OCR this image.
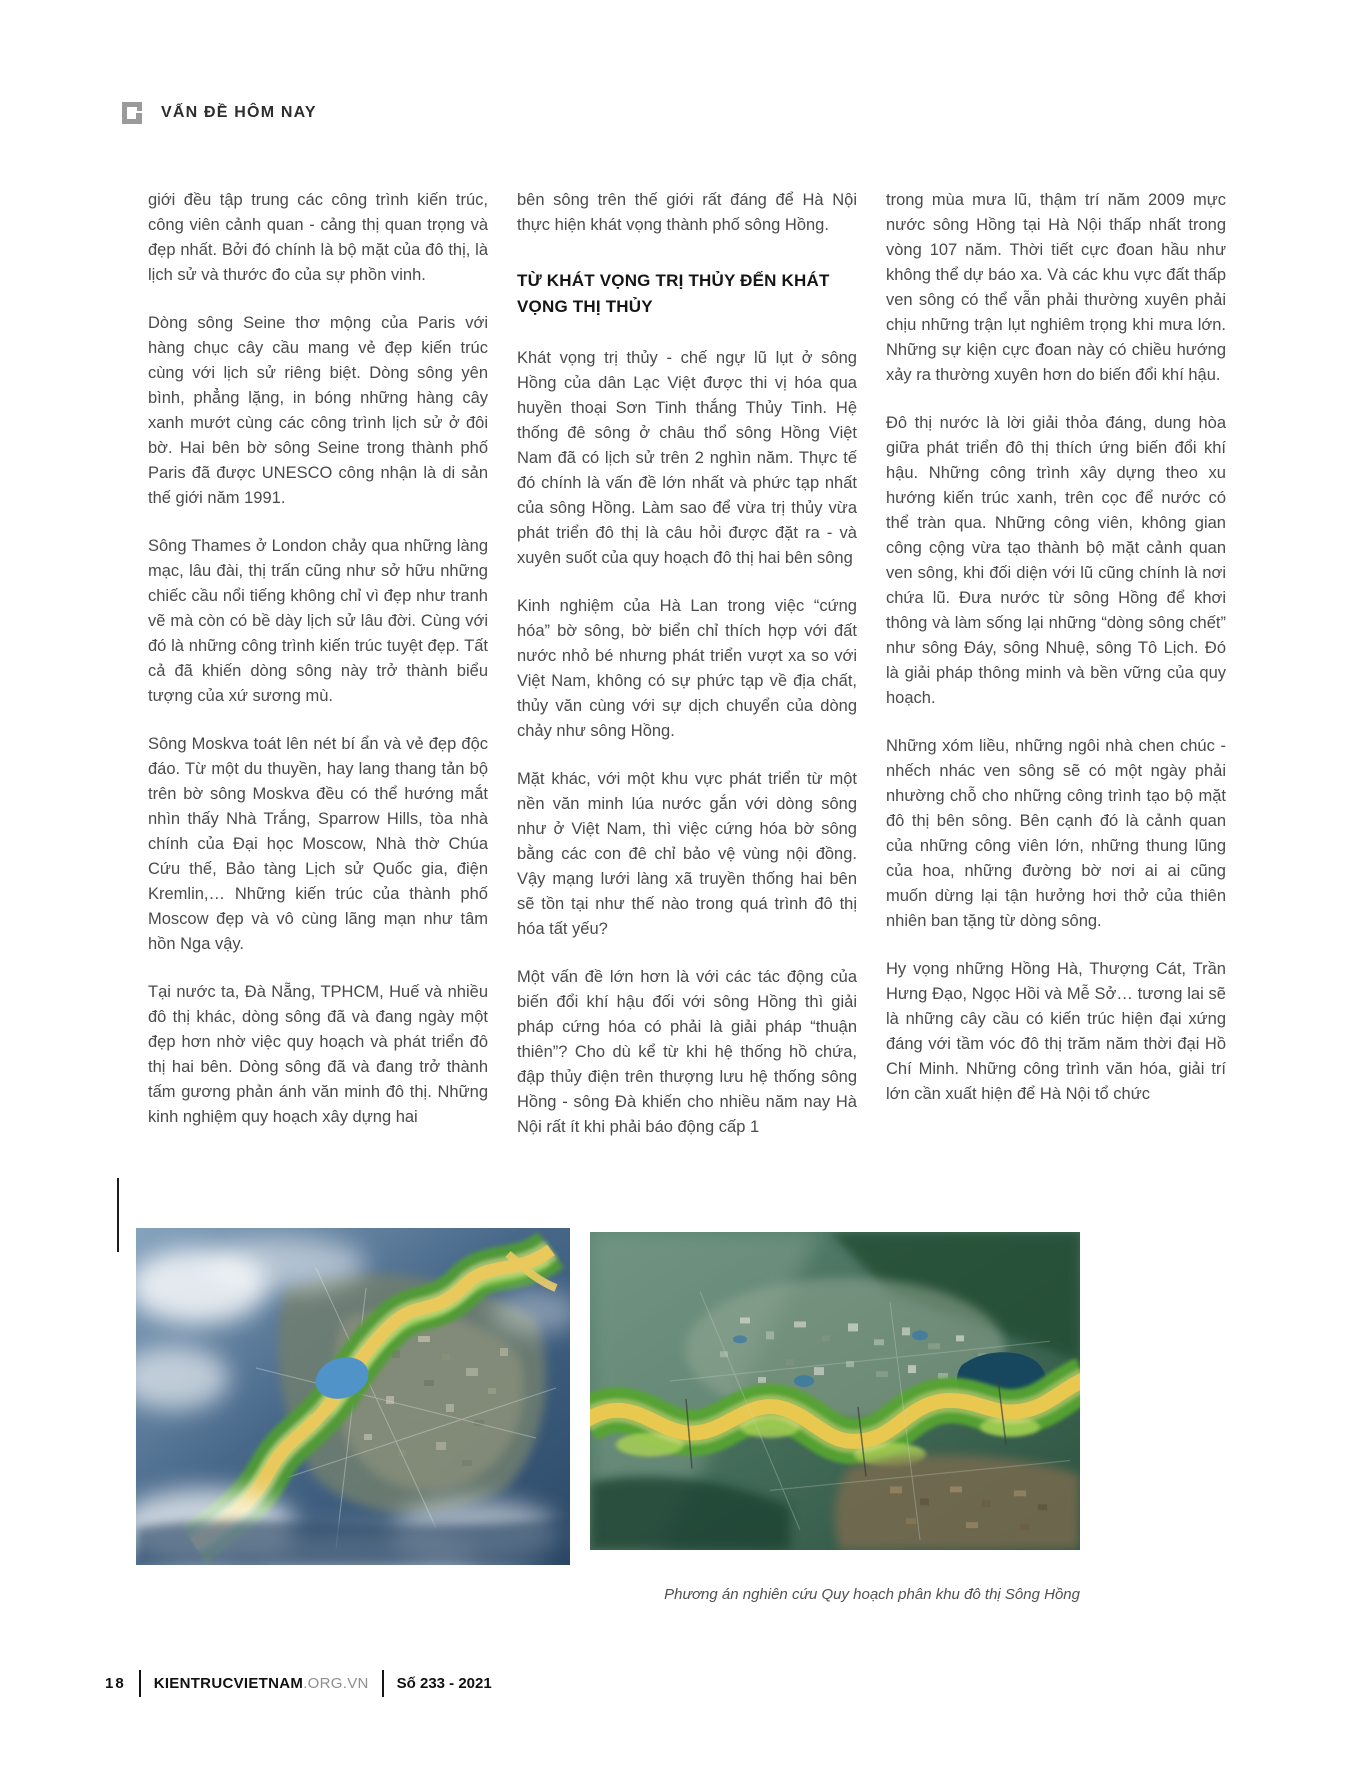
VẤN ĐỀ HÔM NAY

giới đều tập trung các công trình kiến trúc, công viên cảnh quan - cảng thị quan trọng và đẹp nhất. Bởi đó chính là bộ mặt của đô thị, là lịch sử và thước đo của sự phồn vinh.

Dòng sông Seine thơ mộng của Paris với hàng chục cây cầu mang vẻ đẹp kiến trúc cùng với lịch sử riêng biệt. Dòng sông yên bình, phẳng lặng, in bóng những hàng cây xanh mướt cùng các công trình lịch sử ở đôi bờ. Hai bên bờ sông Seine trong thành phố Paris đã được UNESCO công nhận là di sản thế giới năm 1991.

Sông Thames ở London chảy qua những làng mạc, lâu đài, thị trấn cũng như sở hữu những chiếc cầu nổi tiếng không chỉ vì đẹp như tranh vẽ mà còn có bề dày lịch sử lâu đời. Cùng với đó là những công trình kiến trúc tuyệt đẹp. Tất cả đã khiến dòng sông này trở thành biểu tượng của xứ sương mù.

Sông Moskva toát lên nét bí ẩn và vẻ đẹp độc đáo. Từ một du thuyền, hay lang thang tản bộ trên bờ sông Moskva đều có thể hướng mắt nhìn thấy Nhà Trắng, Sparrow Hills, tòa nhà chính của Đại học Moscow, Nhà thờ Chúa Cứu thế, Bảo tàng Lịch sử Quốc gia, điện Kremlin,… Những kiến trúc của thành phố Moscow đẹp và vô cùng lãng mạn như tâm hồn Nga vậy.

Tại nước ta, Đà Nẵng, TPHCM, Huế và nhiều đô thị khác, dòng sông đã và đang ngày một đẹp hơn nhờ việc quy hoạch và phát triển đô thị hai bên. Dòng sông đã và đang trở thành tấm gương phản ánh văn minh đô thị. Những kinh nghiệm quy hoạch xây dựng hai

bên sông trên thế giới rất đáng để Hà Nội thực hiện khát vọng thành phố sông Hồng.

TỪ KHÁT VỌNG TRỊ THỦY ĐẾN KHÁT VỌNG THỊ THỦY

Khát vọng trị thủy - chế ngự lũ lụt ở sông Hồng của dân Lạc Việt được thi vị hóa qua huyền thoại Sơn Tinh thắng Thủy Tinh. Hệ thống đê sông ở châu thổ sông Hồng Việt Nam đã có lịch sử trên 2 nghìn năm. Thực tế đó chính là vấn đề lớn nhất và phức tạp nhất của sông Hồng. Làm sao để vừa trị thủy vừa phát triển đô thị là câu hỏi được đặt ra - và xuyên suốt của quy hoạch đô thị hai bên sông

Kinh nghiệm của Hà Lan trong việc “cứng hóa” bờ sông, bờ biển chỉ thích hợp với đất nước nhỏ bé nhưng phát triển vượt xa so với Việt Nam, không có sự phức tạp về địa chất, thủy văn cùng với sự dịch chuyển của dòng chảy như sông Hồng.

Mặt khác, với một khu vực phát triển từ một nền văn minh lúa nước gắn với dòng sông như ở Việt Nam, thì việc cứng hóa bờ sông bằng các con đê chỉ bảo vệ vùng nội đồng. Vậy mạng lưới làng xã truyền thống hai bên sẽ tồn tại như thế nào trong quá trình đô thị hóa tất yếu?

Một vấn đề lớn hơn là với các tác động của biến đổi khí hậu đối với sông Hồng thì giải pháp cứng hóa có phải là giải pháp “thuận thiên”? Cho dù kể từ khi hệ thống hồ chứa, đập thủy điện trên thượng lưu hệ thống sông Hồng - sông Đà khiến cho nhiều năm nay Hà Nội rất ít khi phải báo động cấp 1

trong mùa mưa lũ, thậm trí năm 2009 mực nước sông Hồng tại Hà Nội thấp nhất trong vòng 107 năm. Thời tiết cực đoan hầu như không thể dự báo xa. Và các khu vực đất thấp ven sông có thể vẫn phải thường xuyên phải chịu những trận lụt nghiêm trọng khi mưa lớn. Những sự kiện cực đoan này có chiều hướng xảy ra thường xuyên hơn do biến đổi khí hậu.

Đô thị nước là lời giải thỏa đáng, dung hòa giữa phát triển đô thị thích ứng biến đổi khí hậu. Những công trình xây dựng theo xu hướng kiến trúc xanh, trên cọc để nước có thể tràn qua. Những công viên, không gian công cộng vừa tạo thành bộ mặt cảnh quan ven sông, khi đối diện với lũ cũng chính là nơi chứa lũ. Đưa nước từ sông Hồng để khơi thông và làm sống lại những “dòng sông chết” như sông Đáy, sông Nhuệ, sông Tô Lịch. Đó là giải pháp thông minh và bền vững của quy hoạch.

Những xóm liều, những ngôi nhà chen chúc - nhếch nhác ven sông sẽ có một ngày phải nhường chỗ cho những công trình tạo bộ mặt đô thị bên sông. Bên cạnh đó là cảnh quan của những công viên lớn, những thung lũng của hoa, những đường bờ nơi ai ai cũng muốn dừng lại tận hưởng hơi thở của thiên nhiên ban tặng từ dòng sông.

Hy vọng những Hồng Hà, Thượng Cát, Trần Hưng Đạo, Ngọc Hồi và Mễ Sở… tương lai sẽ là những cây cầu có kiến trúc hiện đại xứng đáng với tầm vóc đô thị trăm năm thời đại Hồ Chí Minh. Những công trình văn hóa, giải trí lớn cần xuất hiện để Hà Nội tổ chức

Phương án nghiên cứu Quy hoạch phân khu đô thị Sông Hồng
18 KIENTRUCVIETNAM.ORG.VN Số 233 - 2021
